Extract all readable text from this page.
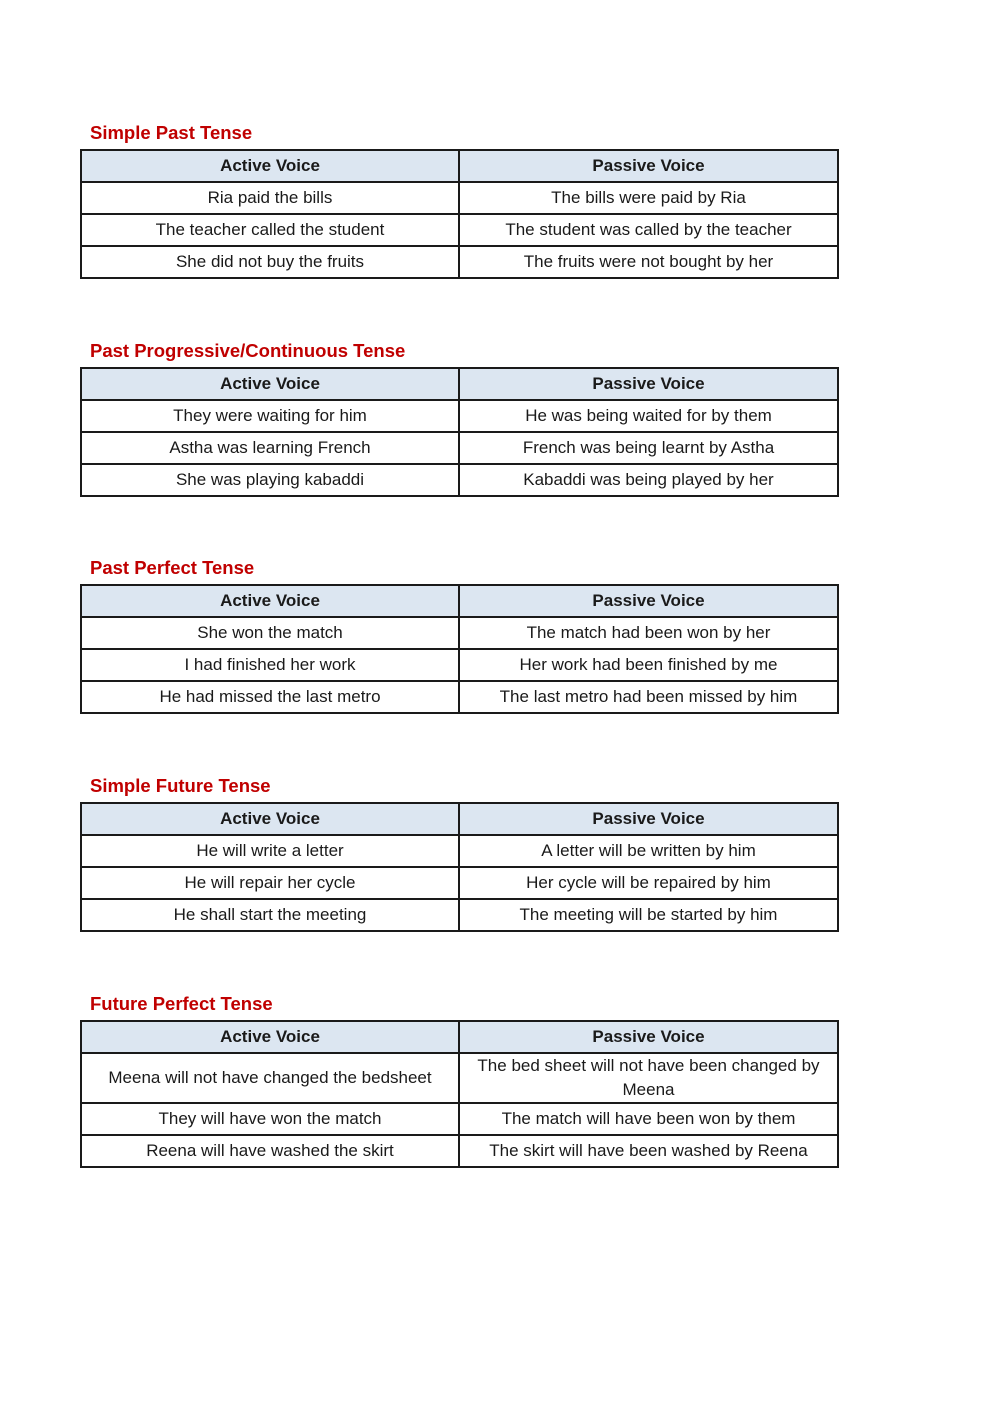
Simple Past Tense
Active Voice	Passive Voice
Ria paid the bills	The bills were paid by Ria
The teacher called the student	The student was called by the teacher
She did not buy the fruits	The fruits were not bought by her
Past Progressive/Continuous Tense
Active Voice	Passive Voice
They were waiting for him	He was being waited for by them
Astha was learning French	French was being learnt by Astha
She was playing kabaddi	Kabaddi was being played by her
Past Perfect Tense
Active Voice	Passive Voice
She won the match	The match had been won by her
I had finished her work	Her work had been finished by me
He had missed the last metro	The last metro had been missed by him
Simple Future Tense
Active Voice	Passive Voice
He will write a letter	A letter will be written by him
He will repair her cycle	Her cycle will be repaired by him
He shall start the meeting	The meeting will be started by him
Future Perfect Tense
Active Voice	Passive Voice
Meena will not have changed the bedsheet	The bed sheet will not have been changed by Meena
They will have won the match	The match will have been won by them
Reena will have washed the skirt	The skirt will have been washed by Reena
